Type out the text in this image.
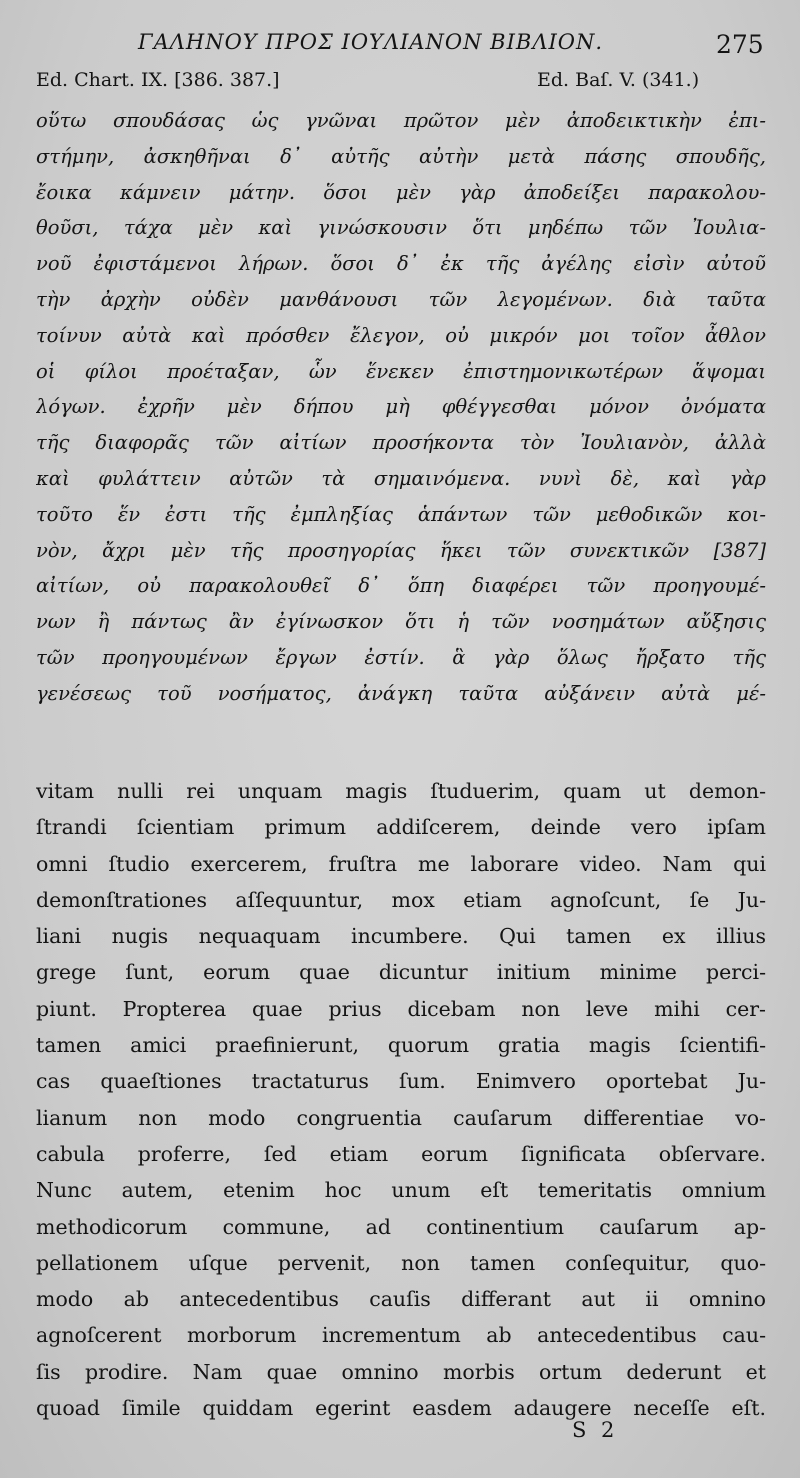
ΓΑΛΗΝΟΥ ΠΡΟΣ ΙΟΥΛΙΑΝΟΝ ΒΙΒΛΙΟΝ.	275
Ed. Chart. IX. [386. 387.]	Ed. Baſ. V. (341.)
οὕτω σπουδάσας ὡς γνῶναι πρῶτον μὲν ἀποδεικτικὴν ἐπι-
στήμην, ἀσκηθῆναι δ᾽ αὐτῆς αὐτὴν μετὰ πάσης σπουδῆς,
ἔοικα κάμνειν μάτην. ὅσοι μὲν γὰρ ἀποδείξει παρακολου-
θοῦσι, τάχα μὲν καὶ γινώσκουσιν ὅτι μηδέπω τῶν Ἰουλια-
νοῦ ἐφιστάμενοι λήρων. ὅσοι δ᾽ ἐκ τῆς ἀγέλης εἰσὶν αὐτοῦ
τὴν ἀρχὴν οὐδὲν μανθάνουσι τῶν λεγομένων. διὰ ταῦτα
τοίνυν αὐτὰ καὶ πρόσθεν ἔλεγον, οὐ μικρόν μοι τοῖον ἆθλον
οἱ φίλοι προέταξαν, ὧν ἕνεκεν ἐπιστημονικωτέρων ἅψομαι
λόγων. ἐχρῆν μὲν δήπου μὴ φθέγγεσθαι μόνον ὀνόματα
τῆς διαφορᾶς τῶν αἰτίων προσήκοντα τὸν Ἰουλιανὸν, ἀλλὰ
καὶ φυλάττειν αὐτῶν τὰ σημαινόμενα. νυνὶ δὲ, καὶ γὰρ
τοῦτο ἕν ἐστι τῆς ἐμπληξίας ἁπάντων τῶν μεθοδικῶν κοι-
νὸν, ἄχρι μὲν τῆς προσηγορίας ἥκει τῶν συνεκτικῶν [387]
αἰτίων, οὐ παρακολουθεῖ δ᾽ ὅπη διαφέρει τῶν προηγουμέ-
νων ἢ πάντως ἂν ἐγίνωσκον ὅτι ἡ τῶν νοσημάτων αὔξησις
τῶν προηγουμένων ἔργων ἐστίν. ἃ γὰρ ὅλως ἤρξατο τῆς
γενέσεως τοῦ νοσήματος, ἀνάγκη ταῦτα αὐξάνειν αὐτὰ μέ-
vitam nulli rei unquam magis ſtuduerim, quam ut demon-
ſtrandi ſcientiam primum addiſcerem, deinde vero ipſam
omni ſtudio exercerem, fruſtra me laborare video. Nam qui
demonſtrationes aſſequuntur, mox etiam agnoſcunt, ſe Ju-
liani nugis nequaquam incumbere. Qui tamen ex illius
grege ſunt, eorum quae dicuntur initium minime perci-
piunt. Propterea quae prius dicebam non leve mihi cer-
tamen amici praefinierunt, quorum gratia magis ſcientifi-
cas quaeſtiones tractaturus ſum. Enimvero oportebat Ju-
lianum non modo congruentia cauſarum differentiae vo-
cabula proferre, ſed etiam eorum ſignificata obſervare.
Nunc autem, etenim hoc unum eſt temeritatis omnium
methodicorum commune, ad continentium cauſarum ap-
pellationem uſque pervenit, non tamen conſequitur, quo-
modo ab antecedentibus cauſis differant aut ii omnino
agnoſcerent morborum incrementum ab antecedentibus cau-
ſis prodire. Nam quae omnino morbis ortum dederunt et
quoad ſimile quiddam egerint easdem adaugere neceſſe eſt.
S 2
